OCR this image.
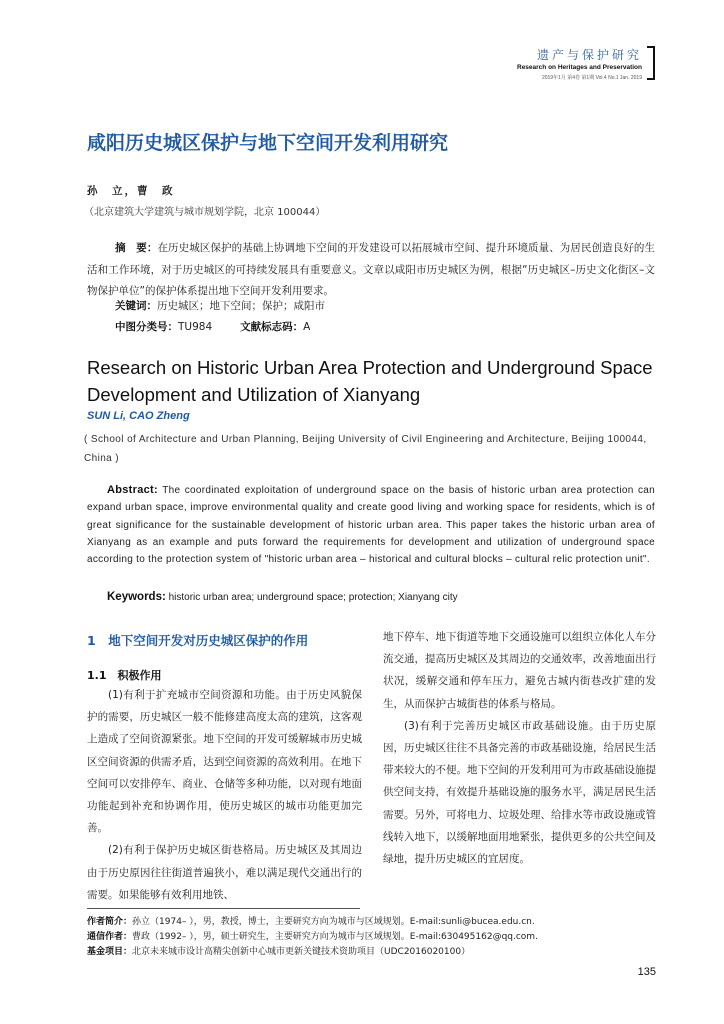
遗产与保护研究
Research on Heritages and Preservation
2019年1月 第4卷 第1期 Vol.4 No.1 Jan. 2019
咸阳历史城区保护与地下空间开发利用研究
孙　立，曹　政
（北京建筑大学建筑与城市规划学院，北京 100044）
摘　要：在历史城区保护的基础上协调地下空间的开发建设可以拓展城市空间、提升环境质量、为居民创造良好的生活和工作环境，对于历史城区的可持续发展具有重要意义。文章以咸阳市历史城区为例，根据“历史城区–历史文化街区–文物保护单位”的保护体系提出地下空间开发利用要求。
关键词：历史城区；地下空间；保护；咸阳市
中图分类号：TU984	文献标志码：A
Research on Historic Urban Area Protection and Underground Space Development and Utilization of Xianyang
SUN Li, CAO Zheng
( School of Architecture and Urban Planning, Beijing University of Civil Engineering and Architecture, Beijing 100044, China )
Abstract: The coordinated exploitation of underground space on the basis of historic urban area protection can expand urban space, improve environmental quality and create good living and working space for residents, which is of great significance for the sustainable development of historic urban area. This paper takes the historic urban area of Xianyang as an example and puts forward the requirements for development and utilization of underground space according to the protection system of "historic urban area – historical and cultural blocks – cultural relic protection unit".
Keywords: historic urban area; underground space; protection; Xianyang city
1　地下空间开发对历史城区保护的作用
1.1　积极作用

(1)有利于扩充城市空间资源和功能。由于历史风貌保护的需要，历史城区一般不能修建高度太高的建筑，这客观上造成了空间资源紧张。地下空间的开发可缓解城市历史城区空间资源的供需矛盾，达到空间资源的高效利用。在地下空间可以安排停车、商业、仓储等多种功能，以对现有地面功能起到补充和协调作用，使历史城区的城市功能更加完善。

(2)有利于保护历史城区街巷格局。历史城区及其周边由于历史原因往往街道普遍狭小，难以满足现代交通出行的需要。如果能够有效利用地铁、

地下停车、地下街道等地下交通设施可以组织立体化人车分流交通，提高历史城区及其周边的交通效率，改善地面出行状况，缓解交通和停车压力，避免古城内街巷改扩建的发生，从而保护古城街巷的体系与格局。

(3)有利于完善历史城区市政基础设施。由于历史原因，历史城区往往不具备完善的市政基础设施，给居民生活带来较大的不便。地下空间的开发利用可为市政基础设施提供空间支持，有效提升基础设施的服务水平，满足居民生活需要。另外，可将电力、垃圾处理、给排水等市政设施或管线转入地下，以缓解地面用地紧张，提供更多的公共空间及绿地，提升历史城区的宜居度。

作者简介：孙立（1974– ），男，教授，博士，主要研究方向为城市与区域规划。E-mail:sunli@bucea.edu.cn.
通信作者：曹政（1992– ），男，硕士研究生，主要研究方向为城市与区域规划。E-mail:630495162@qq.com.
基金项目：北京未来城市设计高精尖创新中心城市更新关键技术资助项目（UDC2016020100）
135
